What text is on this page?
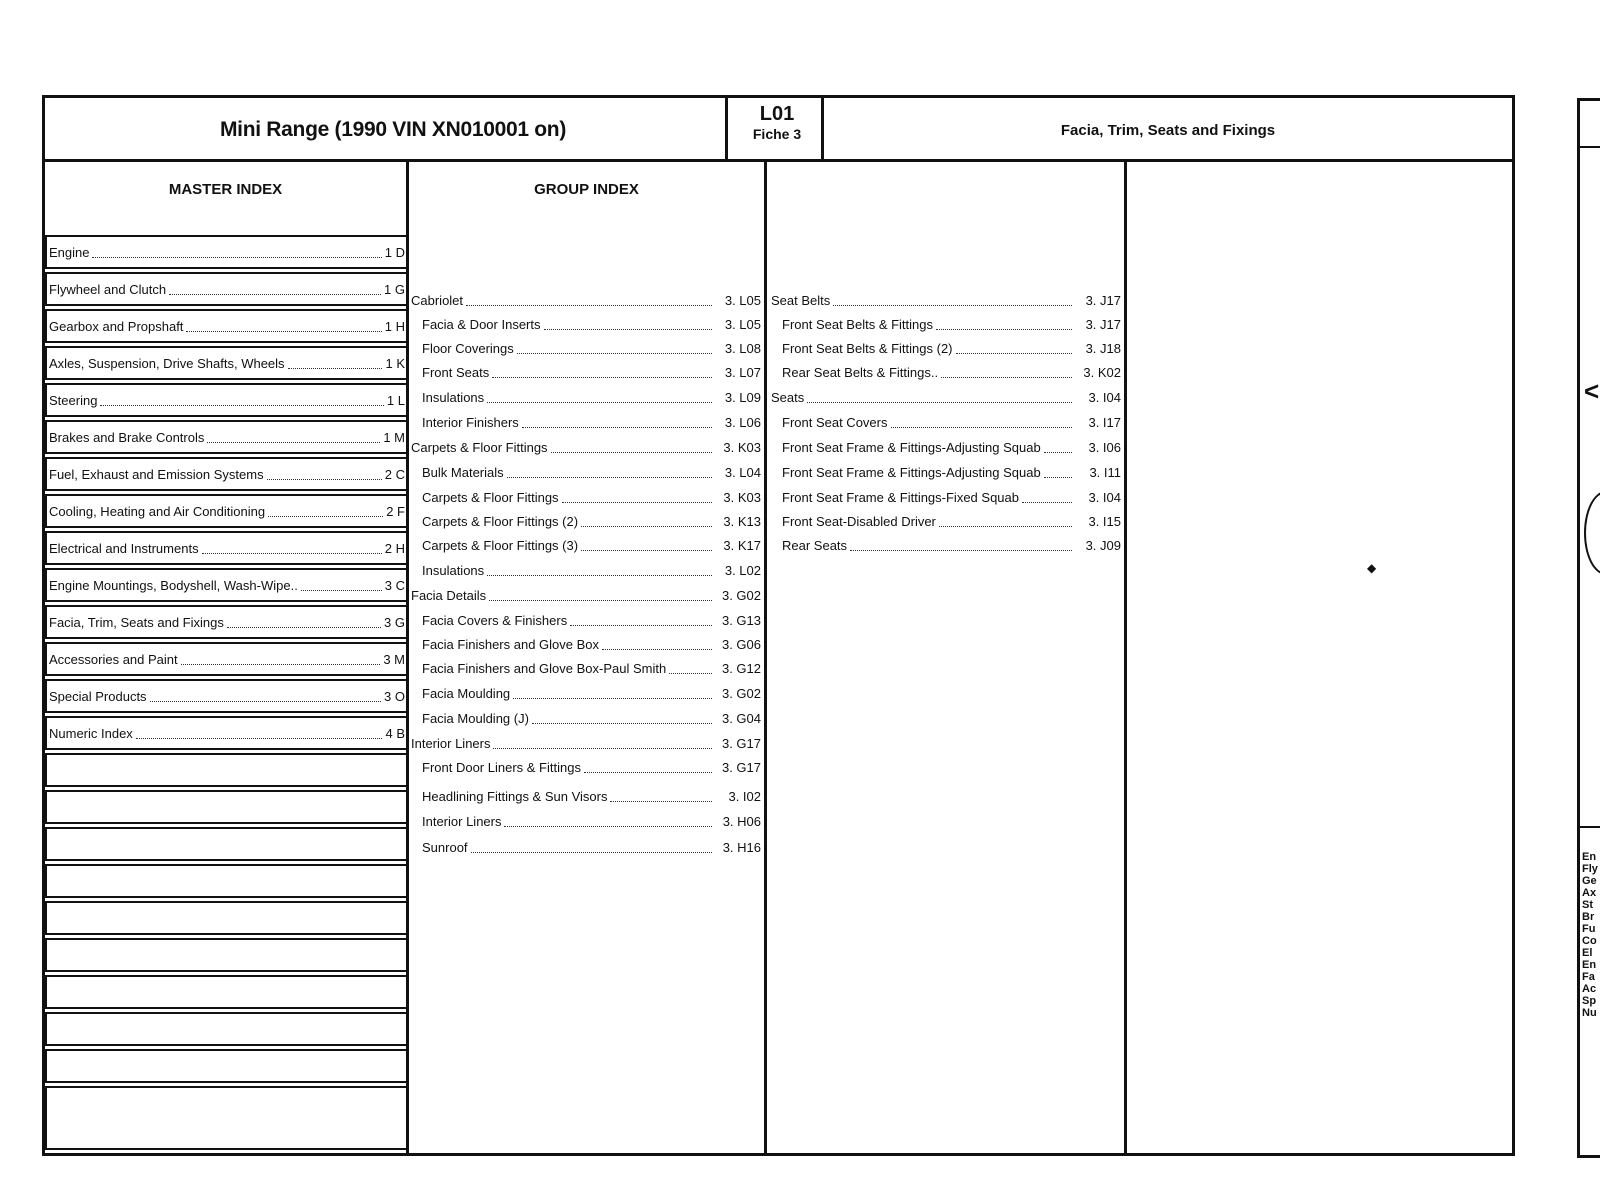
Mini Range (1990 VIN XN010001 on)
L01
Fiche 3	Facia, Trim, Seats and Fixings
MASTER INDEX	GROUP INDEX
Engine	1 D
Flywheel and Clutch	1 G
Gearbox and Propshaft	1 H
Axles, Suspension, Drive Shafts, Wheels	1 K
Steering	1 L
Brakes and Brake Controls	1 M
Fuel, Exhaust and Emission Systems	2 C
Cooling, Heating and Air Conditioning	2 F
Electrical and Instruments	2 H
Engine Mountings, Bodyshell, Wash-Wipe..	3 C
Facia, Trim, Seats and Fixings	3 G
Accessories and Paint	3 M
Special Products	3 O
Numeric Index	4 B
Cabriolet	3. L05
Facia & Door Inserts	3. L05
Floor Coverings	3. L08
Front Seats	3. L07
Insulations	3. L09
Interior Finishers	3. L06
Carpets & Floor Fittings	3. K03
Bulk Materials	3. L04
Carpets & Floor Fittings	3. K03
Carpets & Floor Fittings (2)	3. K13
Carpets & Floor Fittings (3)	3. K17
Insulations	3. L02
Facia Details	3. G02
Facia Covers & Finishers	3. G13
Facia Finishers and Glove Box	3. G06
Facia Finishers and Glove Box-Paul Smith	3. G12
Facia Moulding	3. G02
Facia Moulding (J)	3. G04
Interior Liners	3. G17
Front Door Liners & Fittings	3. G17
Headlining Fittings & Sun Visors	3. I02
Interior Liners	3. H06
Sunroof	3. H16
Seat Belts	3. J17
Front Seat Belts & Fittings	3. J17
Front Seat Belts & Fittings (2)	3. J18
Rear Seat Belts & Fittings..	3. K02
Seats	3. I04
Front Seat Covers	3. I17
Front Seat Frame & Fittings-Adjusting Squab	3. I06
Front Seat Frame & Fittings-Adjusting Squab	3. I11
Front Seat Frame & Fittings-Fixed Squab	3. I04
Front Seat-Disabled Driver	3. I15
Rear Seats	3. J09
◆
<
En
Fly
Ge
Ax
St
Br
Fu
Co
El
En
Fa
Ac
Sp
Nu
